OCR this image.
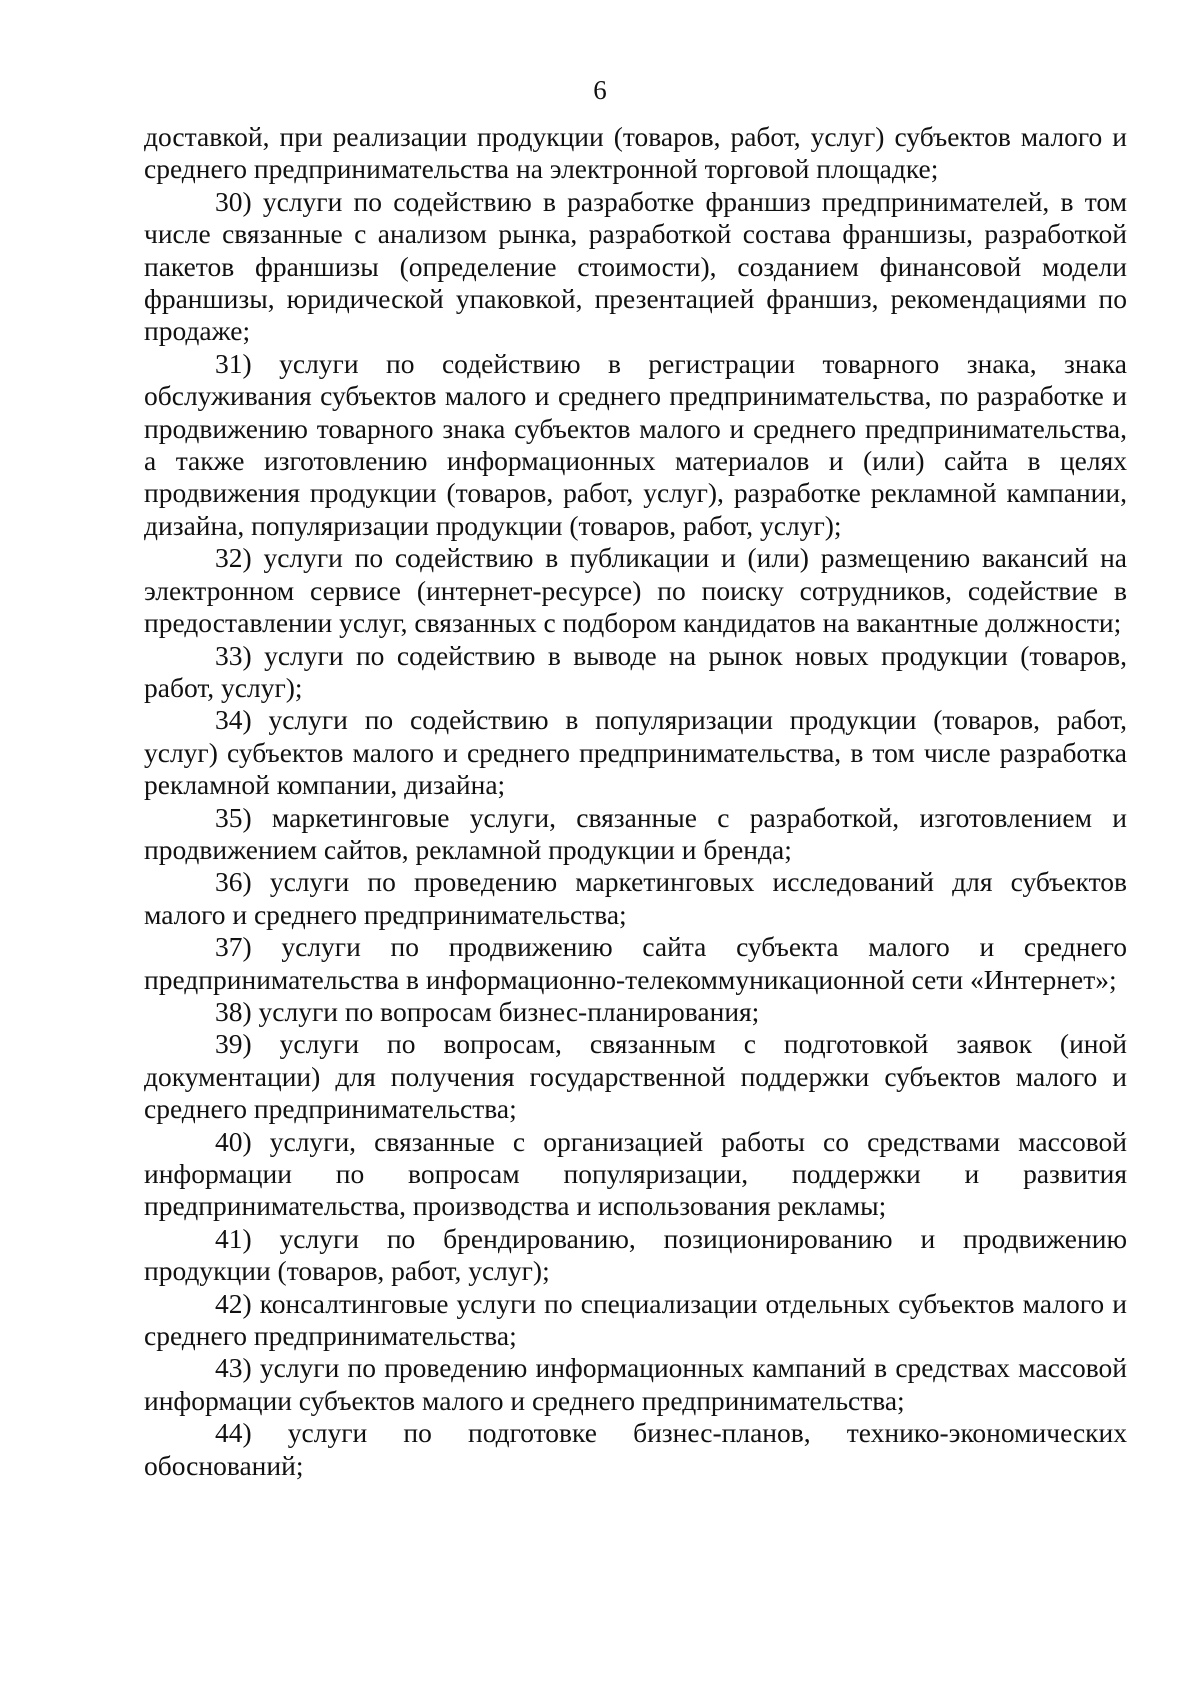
6

доставкой, при реализации продукции (товаров, работ, услуг) субъектов малого и среднего предпринимательства на электронной торговой площадке;

30) услуги по содействию в разработке франшиз предпринимателей, в том числе связанные с анализом рынка, разработкой состава франшизы, разработкой пакетов франшизы (определение стоимости), созданием финансовой модели франшизы, юридической упаковкой, презентацией франшиз, рекомендациями по продаже;

31) услуги по содействию в регистрации товарного знака, знака обслуживания субъектов малого и среднего предпринимательства, по разработке и продвижению товарного знака субъектов малого и среднего предпринимательства, а также изготовлению информационных материалов и (или) сайта в целях продвижения продукции (товаров, работ, услуг), разработке рекламной кампании, дизайна, популяризации продукции (товаров, работ, услуг);

32) услуги по содействию в публикации и (или) размещению вакансий на электронном сервисе (интернет-ресурсе) по поиску сотрудников, содействие в предоставлении услуг, связанных с подбором кандидатов на вакантные должности;

33) услуги по содействию в выводе на рынок новых продукции (товаров, работ, услуг);

34) услуги по содействию в популяризации продукции (товаров, работ, услуг) субъектов малого и среднего предпринимательства, в том числе разработка рекламной компании, дизайна;

35) маркетинговые услуги, связанные с разработкой, изготовлением и продвижением сайтов, рекламной продукции и бренда;

36) услуги по проведению маркетинговых исследований для субъектов малого и среднего предпринимательства;

37) услуги по продвижению сайта субъекта малого и среднего предпринимательства в информационно-телекоммуникационной сети «Интернет»;

38) услуги по вопросам бизнес-планирования;

39) услуги по вопросам, связанным с подготовкой заявок (иной документации) для получения государственной поддержки субъектов малого и среднего предпринимательства;

40) услуги, связанные с организацией работы со средствами массовой информации по вопросам популяризации, поддержки и развития предпринимательства, производства и использования рекламы;

41) услуги по брендированию, позиционированию и продвижению продукции (товаров, работ, услуг);

42) консалтинговые услуги по специализации отдельных субъектов малого и среднего предпринимательства;

43) услуги по проведению информационных кампаний в средствах массовой информации субъектов малого и среднего предпринимательства;

44) услуги по подготовке бизнес-планов, технико-экономических обоснований;
